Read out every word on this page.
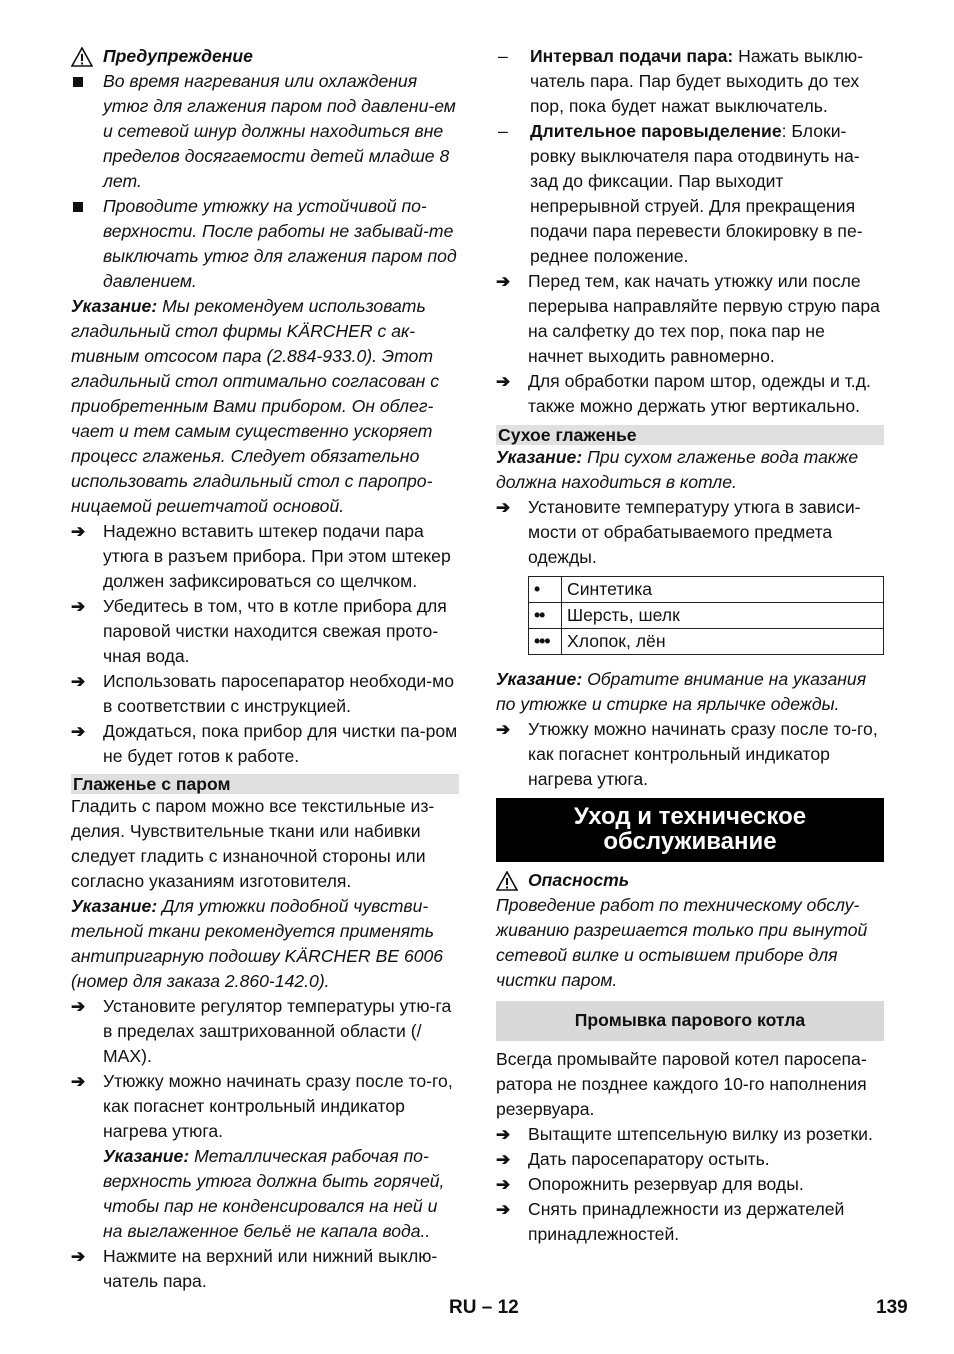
Предупреждение
Во время нагревания или охлаждения утюг для глажения паром под давлени-ем и сетевой шнур должны находиться вне пределов досягаемости детей младше 8 лет.
Проводите утюжку на устойчивой по-верхности. После работы не забывай-те выключать утюг для глажения паром под давлением.

Указание: Мы рекомендуем использовать гладильный стол фирмы KÄRCHER с ак-тивным отсосом пара (2.884-933.0). Этот гладильный стол оптимально согласован с приобретенным Вами прибором. Он облег-чает и тем самым существенно ускоряет процесс глаженья. Следует обязательно использовать гладильный стол с паропро-ницаемой решетчатой основой.

➔	Надежно вставить штекер подачи пара утюга в разъем прибора. При этом штекер должен зафиксироваться со щелчком.
➔	Убедитесь в том, что в котле прибора для паровой чистки находится свежая прото-чная вода.
➔	Использовать паросепаратор необходи-мо в соответствии с инструкцией.
➔	Дождаться, пока прибор для чистки па-ром не будет готов к работе.
Глаженье с паром

Гладить с паром можно все текстильные из-делия. Чувствительные ткани или набивки следует гладить с изнаночной стороны или согласно указаниям изготовителя.

Указание: Для утюжки подобной чувстви-тельной ткани рекомендуется применять антипригарную подошву KÄRCHER BE 6006 (номер для заказа 2.860-142.0).

➔	Установите регулятор температуры утю-га в пределах заштрихованной области (/ MAX).
➔	Утюжку можно начинать сразу после то-го, как погаснет контрольный индикатор нагрева утюга.

Указание: Металлическая рабочая по-верхность утюга должна быть горячей, чтобы пар не конденсировался на ней и на выглаженное бельё не капала вода..

➔	Нажмите на верхний или нижний выклю-чатель пара.
–	Интервал подачи пара: Нажать выклю-чатель пара. Пар будет выходить до тех пор, пока будет нажат выключатель.
–	Длительное паровыделение: Блоки-ровку выключателя пара отодвинуть на-зад до фиксации. Пар выходит непрерывной струей. Для прекращения подачи пара перевести блокировку в пе-реднее положение.
➔	Перед тем, как начать утюжку или после перерыва направляйте первую струю пара на салфетку до тех пор, пока пар не начнет выходить равномерно.
➔	Для обработки паром штор, одежды и т.д. также можно держать утюг вертикально.
Сухое глаженье

Указание: При сухом глаженье вода также должна находиться в котле.

➔	Установите температуру утюга в зависи-мости от обрабатываемого предмета одежды.
•	Синтетика
••	Шерсть, шелк
•••	Хлопок, лён

Указание: Обратите внимание на указания по утюжке и стирке на ярлычке одежды.

➔	Утюжку можно начинать сразу после то-го, как погаснет контрольный индикатор нагрева утюга.
Уход и техническое
обслуживание
Опасность

Проведение работ по техническому обслу-живанию разрешается только при вынутой сетевой вилке и остывшем приборе для чистки паром.

Промывка парового котла

Всегда промывайте паровой котел паросепа-ратора не позднее каждого 10-го наполнения резервуара.

➔	Вытащите штепсельную вилку из розетки.
➔	Дать паросепаратору остыть.
➔	Опорожнить резервуар для воды.
➔	Снять принадлежности из держателей принадлежностей.
RU – 12	139
